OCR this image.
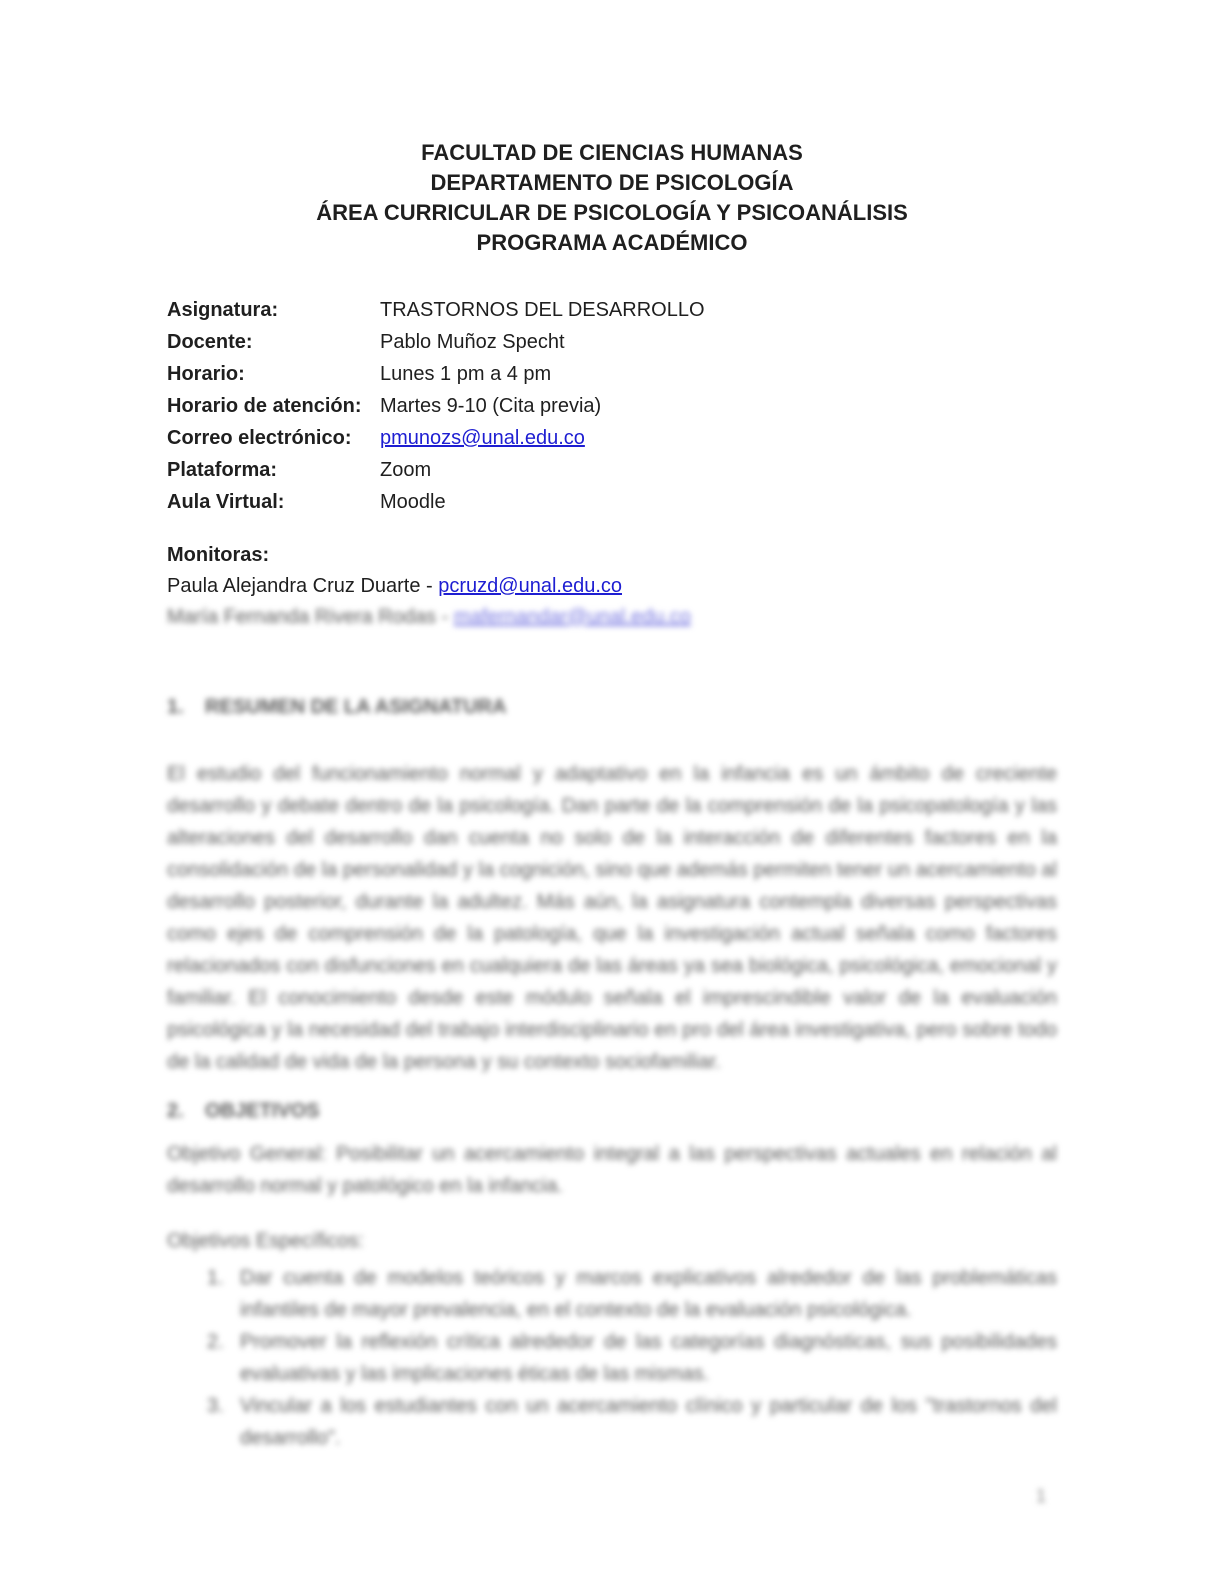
FACULTAD DE CIENCIAS HUMANAS
DEPARTAMENTO DE PSICOLOGÍA
ÁREA CURRICULAR DE PSICOLOGÍA Y PSICOANÁLISIS
PROGRAMA ACADÉMICO
Asignatura:	TRASTORNOS DEL DESARROLLO
Docente:	Pablo Muñoz Specht
Horario:	Lunes 1 pm a 4 pm
Horario de atención: Martes 9-10 (Cita previa)
Correo electrónico:	pmunozs@unal.edu.co
Plataforma:	Zoom
Aula Virtual:	Moodle
Monitoras:
Paula Alejandra Cruz Duarte - pcruzd@unal.edu.co
María Fernanda Rivera Rodas - mafernandar@unal.edu.co
1. RESUMEN DE LA ASIGNATURA
El estudio del funcionamiento normal y adaptativo en la infancia es un ámbito de creciente desarrollo y debate dentro de la psicología. Dan parte de la comprensión de la psicopatología y las alteraciones del desarrollo dan cuenta no solo de la interacción de diferentes factores en la consolidación de la personalidad y la cognición, sino que además permiten tener un acercamiento al desarrollo posterior, durante la adultez. Más aún, la asignatura contempla diversas perspectivas como ejes de comprensión de la patología, que la investigación actual señala como factores relacionados con disfunciones en cualquiera de las áreas ya sea biológica, psicológica, emocional y familiar. El conocimiento desde este módulo señala el imprescindible valor de la evaluación psicológica y la necesidad del trabajo interdisciplinario en pro del área investigativa, pero sobre todo de la calidad de vida de la persona y su contexto sociofamiliar.
2. OBJETIVOS
Objetivo General: Posibilitar un acercamiento integral a las perspectivas actuales en relación al desarrollo normal y patológico en la infancia.
Objetivos Específicos:
1. Dar cuenta de modelos teóricos y marcos explicativos alrededor de las problemáticas infantiles de mayor prevalencia, en el contexto de la evaluación psicológica.
2. Promover la reflexión crítica alrededor de las categorías diagnósticas, sus posibilidades evaluativas y las implicaciones éticas de las mismas.
3. Vincular a los estudiantes con un acercamiento clínico y particular de los "trastornos del desarrollo".
1
